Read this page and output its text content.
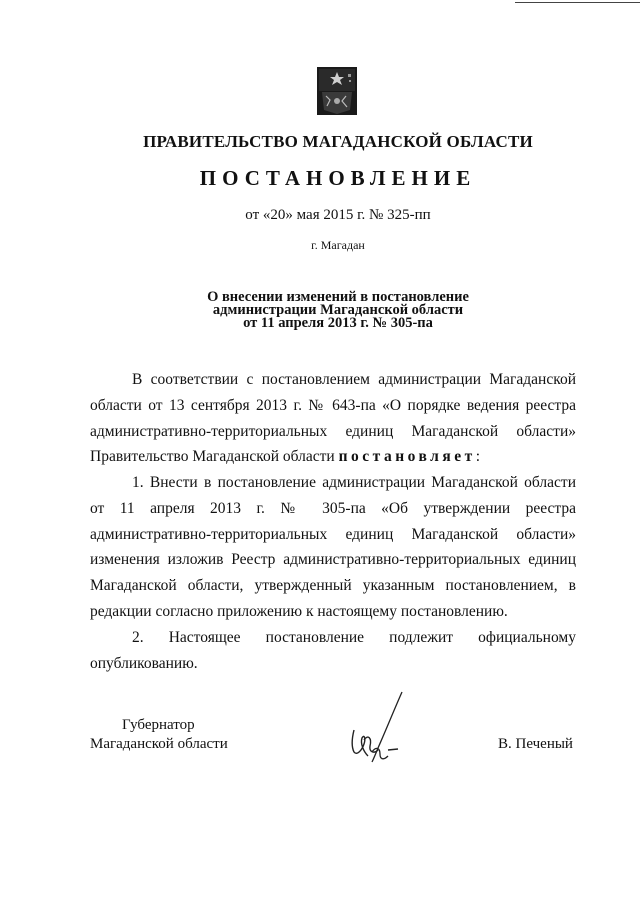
ПРАВИТЕЛЬСТВО МАГАДАНСКОЙ ОБЛАСТИ
ПОСТАНОВЛЕНИЕ
от «20» мая 2015 г. № 325-пп
г. Магадан
О внесении изменений в постановление
администрации Магаданской области
от 11 апреля 2013 г. № 305-па
В соответствии с постановлением администрации Магаданской области от 13 сентября 2013 г. № 643-па «О порядке ведения реестра административно-территориальных единиц Магаданской области» Правительство Магаданской области постановляет:
1. Внести в постановление администрации Магаданской области от 11 апреля 2013 г. № 305-па «Об утверждении реестра административно-территориальных единиц Магаданской области» изменения изложив Реестр административно-территориальных единиц Магаданской области, утвержденный указанным постановлением, в редакции согласно приложению к настоящему постановлению.
2. Настоящее постановление подлежит официальному
опубликованию.
Губернатор
Магаданской области	В. Печеный
